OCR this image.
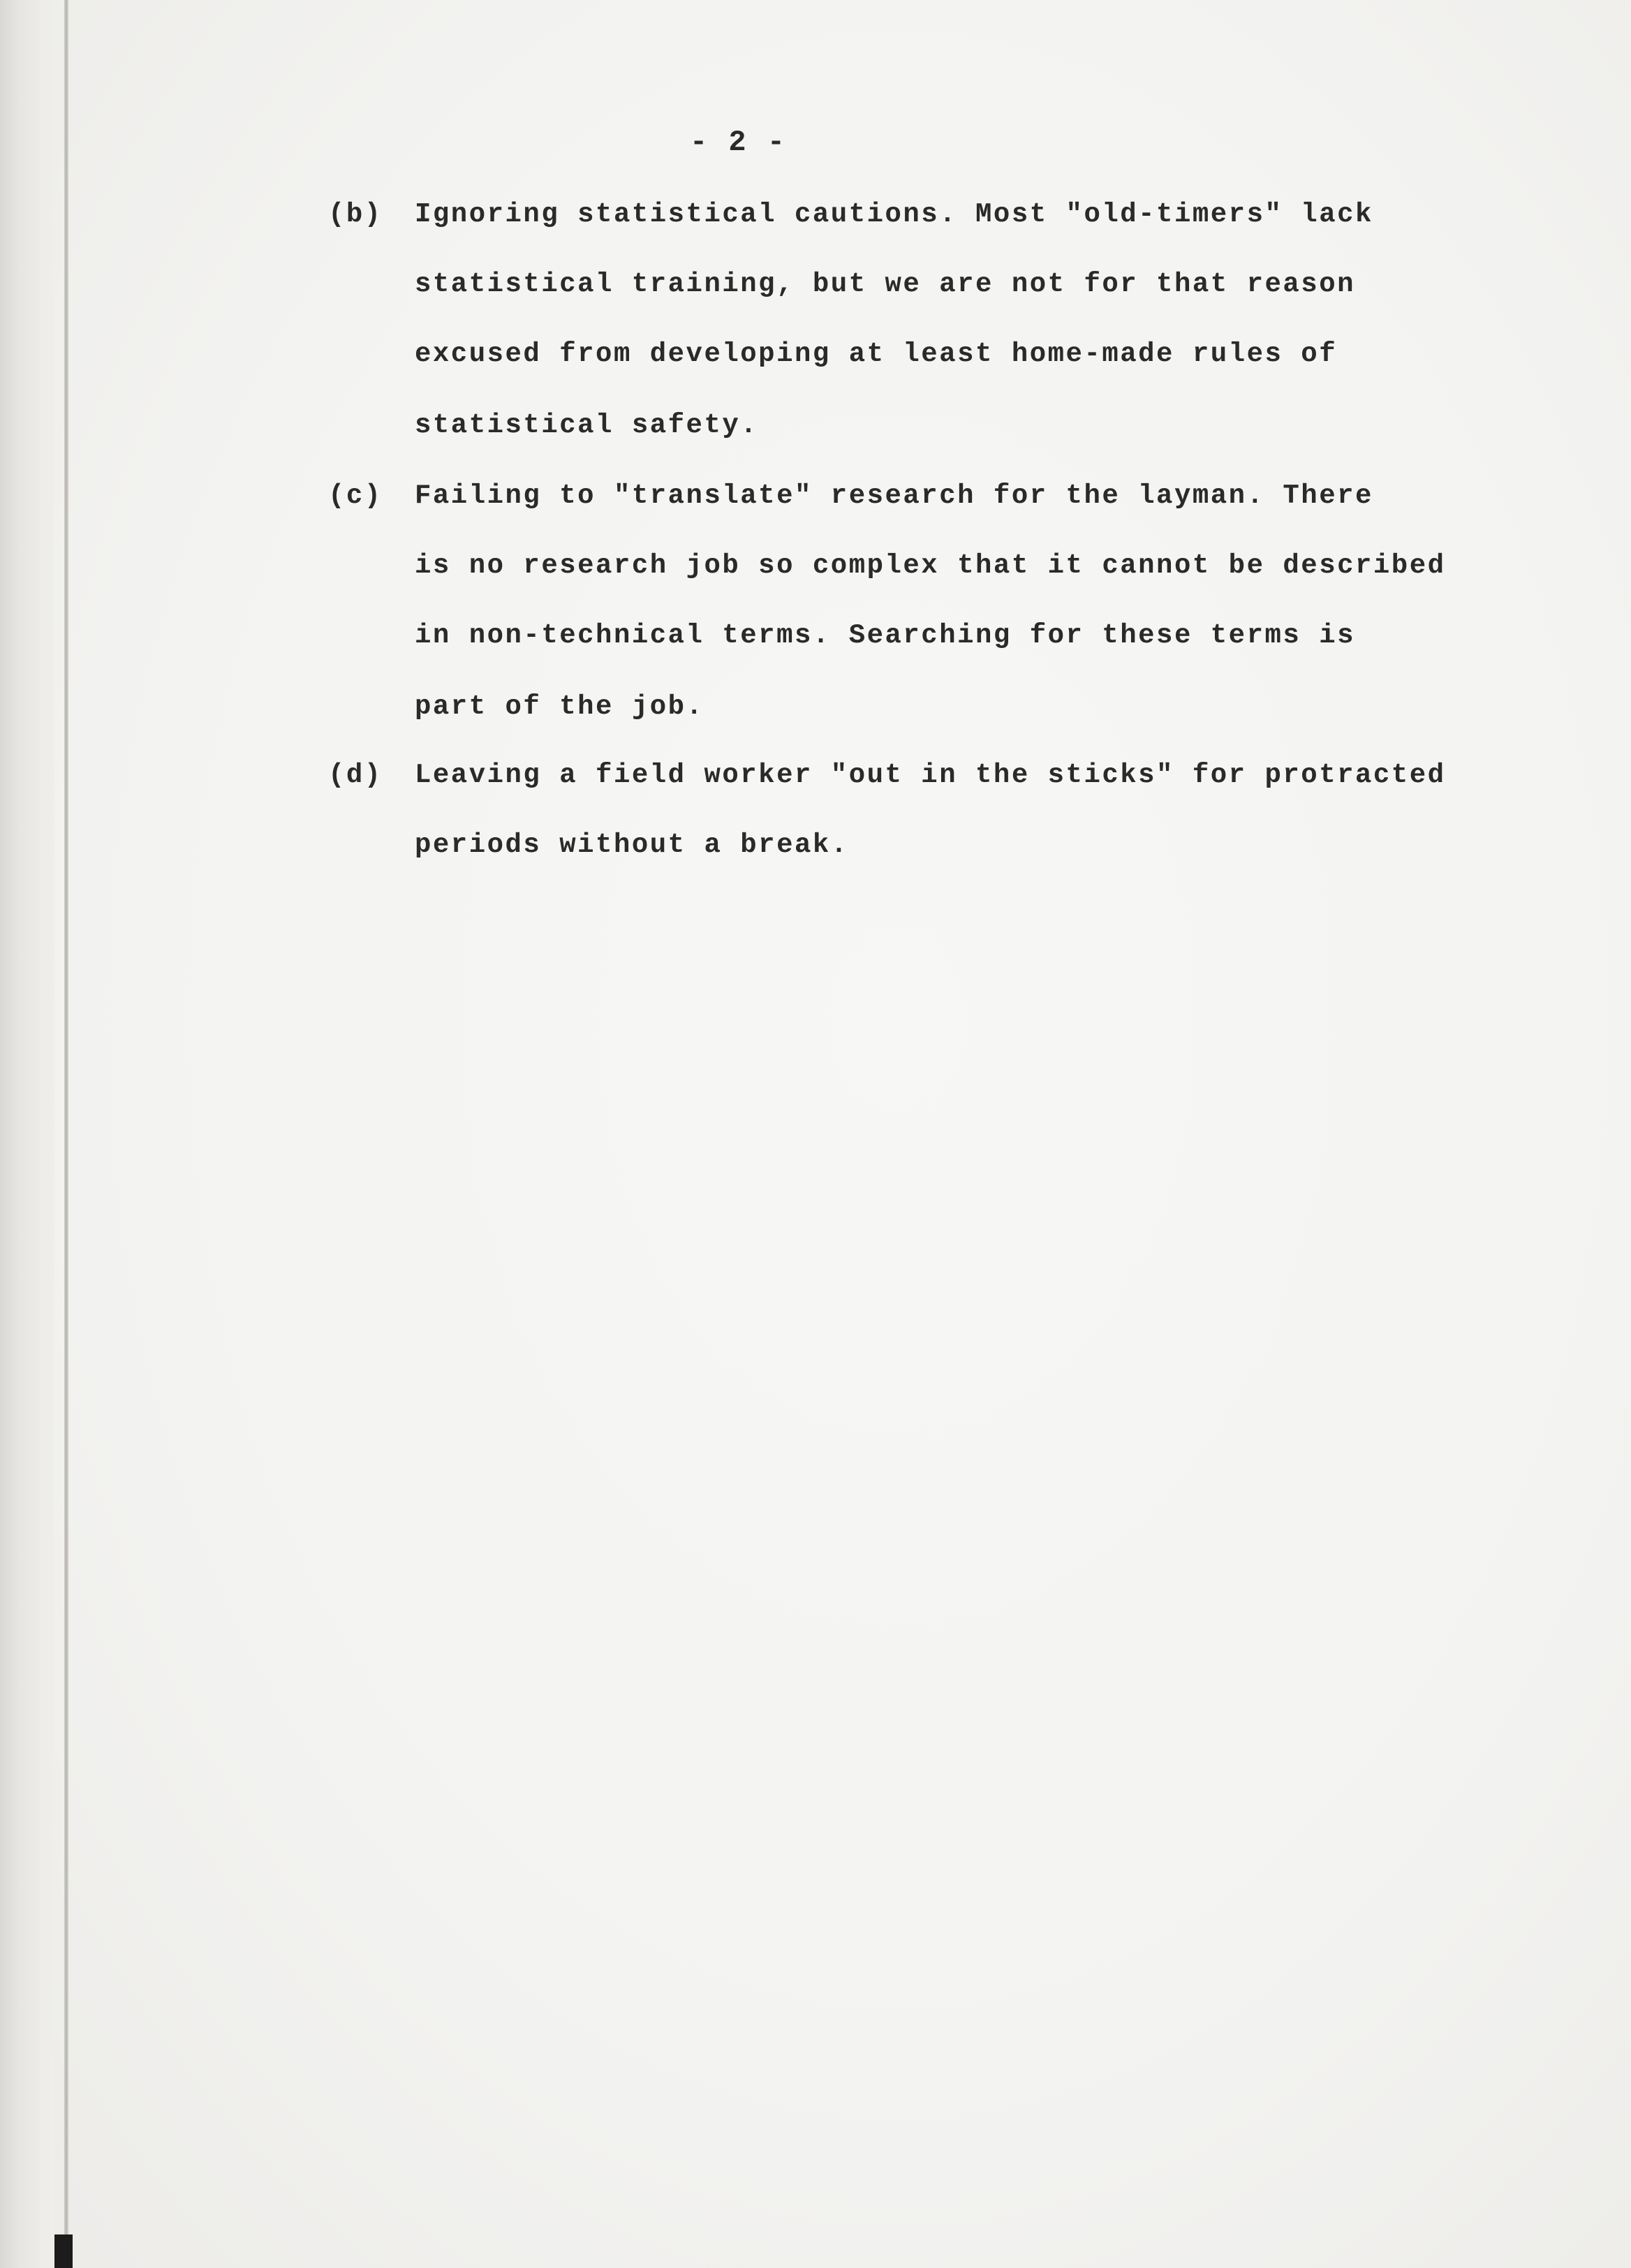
- 2 -
(b) Ignoring statistical cautions. Most "old-timers" lack
statistical training, but we are not for that reason
excused from developing at least home-made rules of
statistical safety.
(c) Failing to "translate" research for the layman. There
is no research job so complex that it cannot be described
in non-technical terms. Searching for these terms is
part of the job.
(d) Leaving a field worker "out in the sticks" for protracted
periods without a break.
